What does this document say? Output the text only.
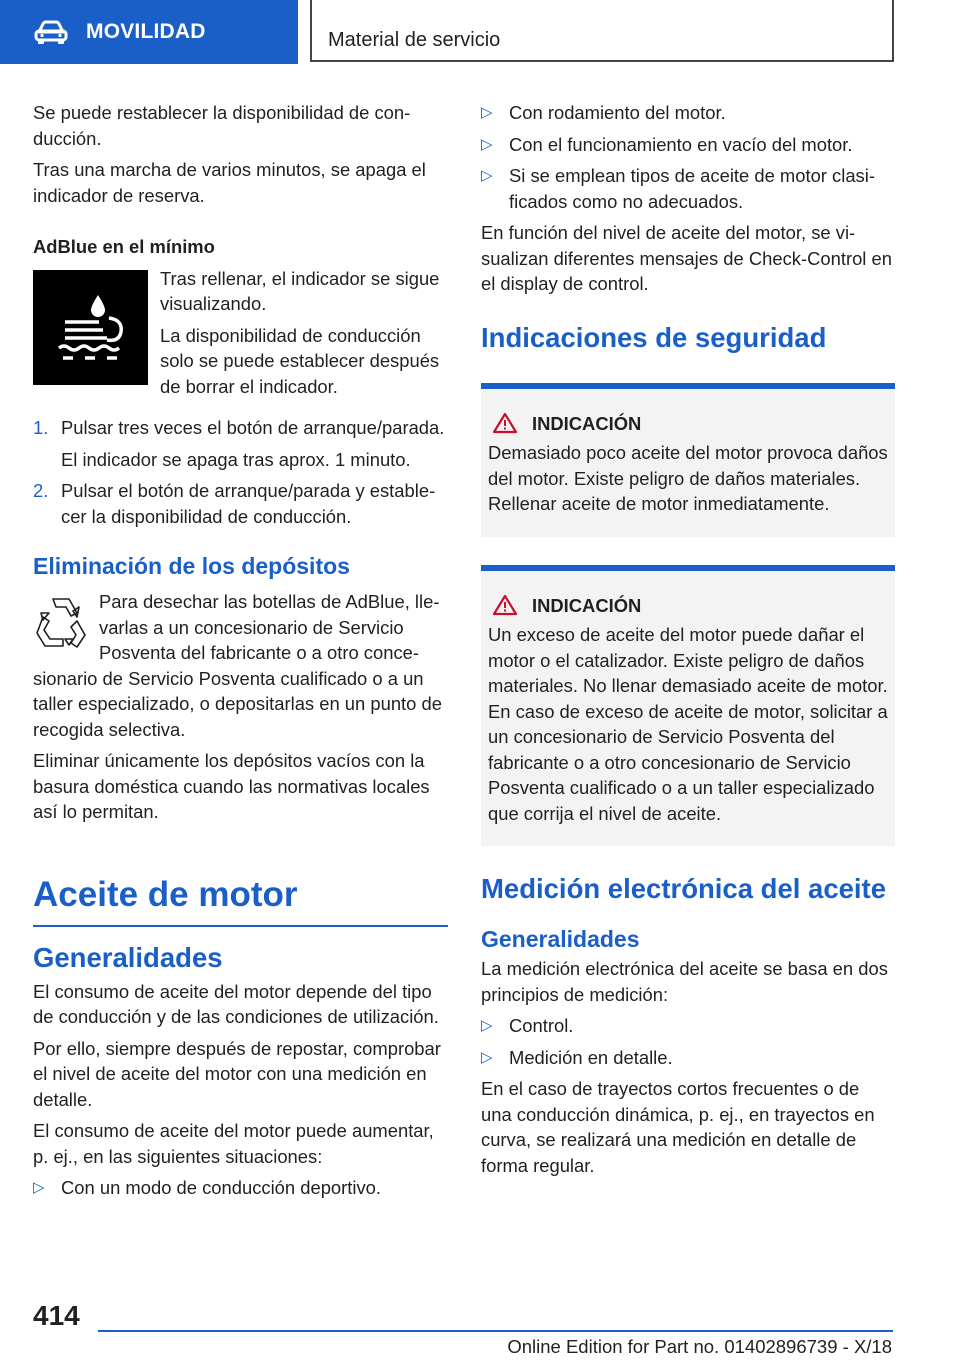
MOVILIDAD	Material de servicio

Se puede restablecer la disponibilidad de conducción.

Tras una marcha de varios minutos, se apaga el indicador de reserva.

AdBlue en el mínimo

Tras rellenar, el indicador se sigue visualizando.

La disponibilidad de conducción solo se puede establecer después de borrar el indicador.

1. Pulsar tres veces el botón de arranque/parada.

El indicador se apaga tras aprox. 1 minuto.

2. Pulsar el botón de arranque/parada y establecer la disponibilidad de conducción.
Eliminación de los depósitos

Para desechar las botellas de AdBlue, llevarlas a un concesionario de Servicio Posventa del fabricante o a otro concesionario de Servicio Posventa cualificado o a un taller especializado, o depositarlas en un punto de recogida selectiva.

Eliminar únicamente los depósitos vacíos con la basura doméstica cuando las normativas locales así lo permitan.

Aceite de motor
Generalidades

El consumo de aceite del motor depende del tipo de conducción y de las condiciones de utilización.

Por ello, siempre después de repostar, comprobar el nivel de aceite del motor con una medición en detalle.

El consumo de aceite del motor puede aumentar, p. ej., en las siguientes situaciones:

▷ Con un modo de conducción deportivo.
▷ Con rodamiento del motor.
▷ Con el funcionamiento en vacío del motor.
▷ Si se emplean tipos de aceite de motor clasificados como no adecuados.

En función del nivel de aceite del motor, se visualizan diferentes mensajes de Check-Control en el display de control.

Indicaciones de seguridad
INDICACIÓN
Demasiado poco aceite del motor provoca daños del motor. Existe peligro de daños materiales. Rellenar aceite de motor inmediatamente.
INDICACIÓN
Un exceso de aceite del motor puede dañar el motor o el catalizador. Existe peligro de daños materiales. No llenar demasiado aceite de motor. En caso de exceso de aceite de motor, solicitar a un concesionario de Servicio Posventa del fabricante o a otro concesionario de Servicio Posventa cualificado o a un taller especializado que corrija el nivel de aceite.
Medición electrónica del aceite
Generalidades

La medición electrónica del aceite se basa en dos principios de medición:

▷ Control.
▷ Medición en detalle.

En el caso de trayectos cortos frecuentes o de una conducción dinámica, p. ej., en trayectos en curva, se realizará una medición en detalle de forma regular.

414
Online Edition for Part no. 01402896739 - X/18
